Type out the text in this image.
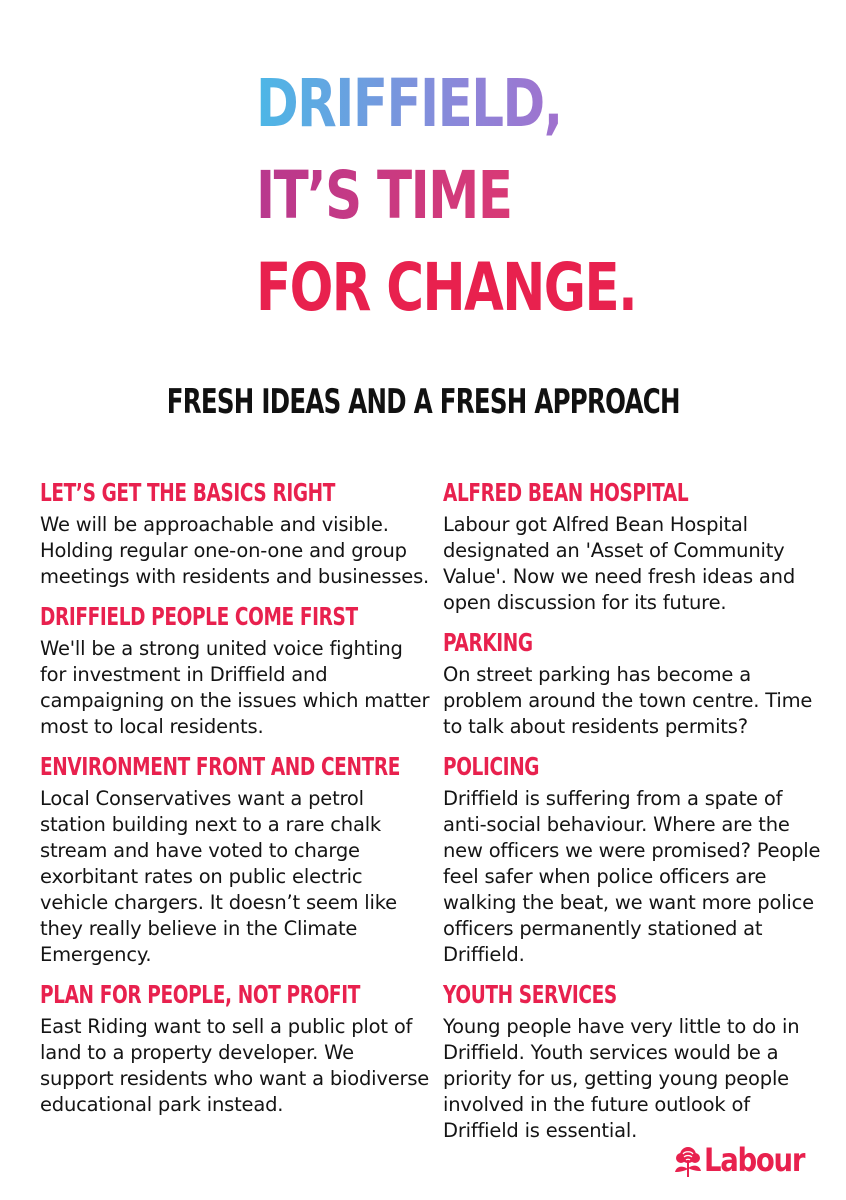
DRIFFIELD,
IT’S TIME
FOR CHANGE.
FRESH IDEAS AND A FRESH APPROACH
LET’S GET THE BASICS RIGHT

We will be approachable and visible. Holding regular one-on-one and group meetings with residents and businesses.

DRIFFIELD PEOPLE COME FIRST

We'll be a strong united voice fighting for investment in Driffield and campaigning on the issues which matter most to local residents.

ENVIRONMENT FRONT AND CENTRE

Local Conservatives want a petrol station building next to a rare chalk stream and have voted to charge exorbitant rates on public electric vehicle chargers. It doesn’t seem like they really believe in the Climate Emergency.

PLAN FOR PEOPLE, NOT PROFIT

East Riding want to sell a public plot of land to a property developer. We support residents who want a biodiverse educational park instead.

ALFRED BEAN HOSPITAL

Labour got Alfred Bean Hospital designated an 'Asset of Community Value'. Now we need fresh ideas and open discussion for its future.

PARKING

On street parking has become a problem around the town centre. Time to talk about residents permits?

POLICING

Driffield is suffering from a spate of anti-social behaviour. Where are the new officers we were promised? People feel safer when police officers are walking the beat, we want more police officers permanently stationed at Driffield.

YOUTH SERVICES

Young people have very little to do in Driffield. Youth services would be a priority for us, getting young people involved in the future outlook of Driffield is essential.

Labour
